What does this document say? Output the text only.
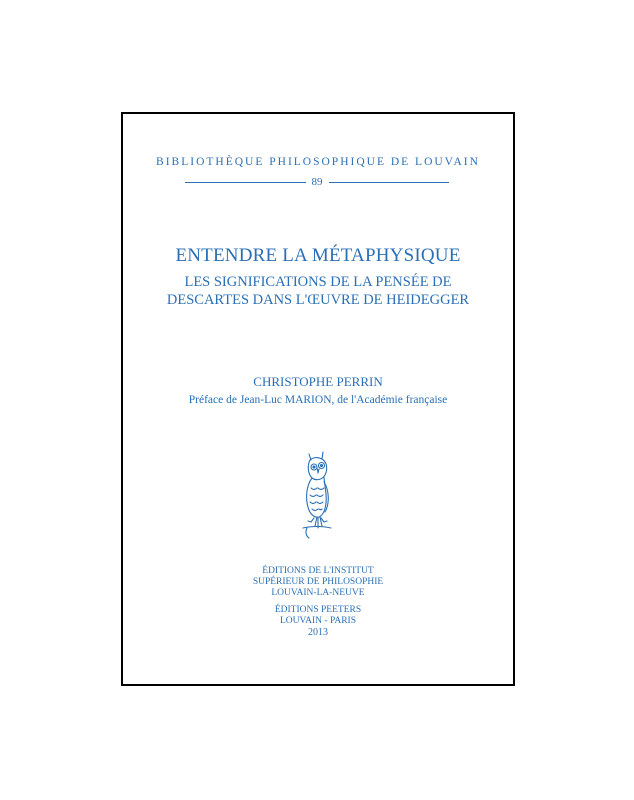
BIBLIOTHÈQUE PHILOSOPHIQUE DE LOUVAIN
89
ENTENDRE LA MÉTAPHYSIQUE
LES SIGNIFICATIONS DE LA PENSÉE DE
DESCARTES DANS L'ŒUVRE DE HEIDEGGER
CHRISTOPHE PERRIN
Préface de Jean-Luc MARION, de l'Académie française
ÉDITIONS DE L'INSTITUT
SUPÉRIEUR DE PHILOSOPHIE
LOUVAIN-LA-NEUVE
ÉDITIONS PEETERS
LOUVAIN - PARIS
2013
